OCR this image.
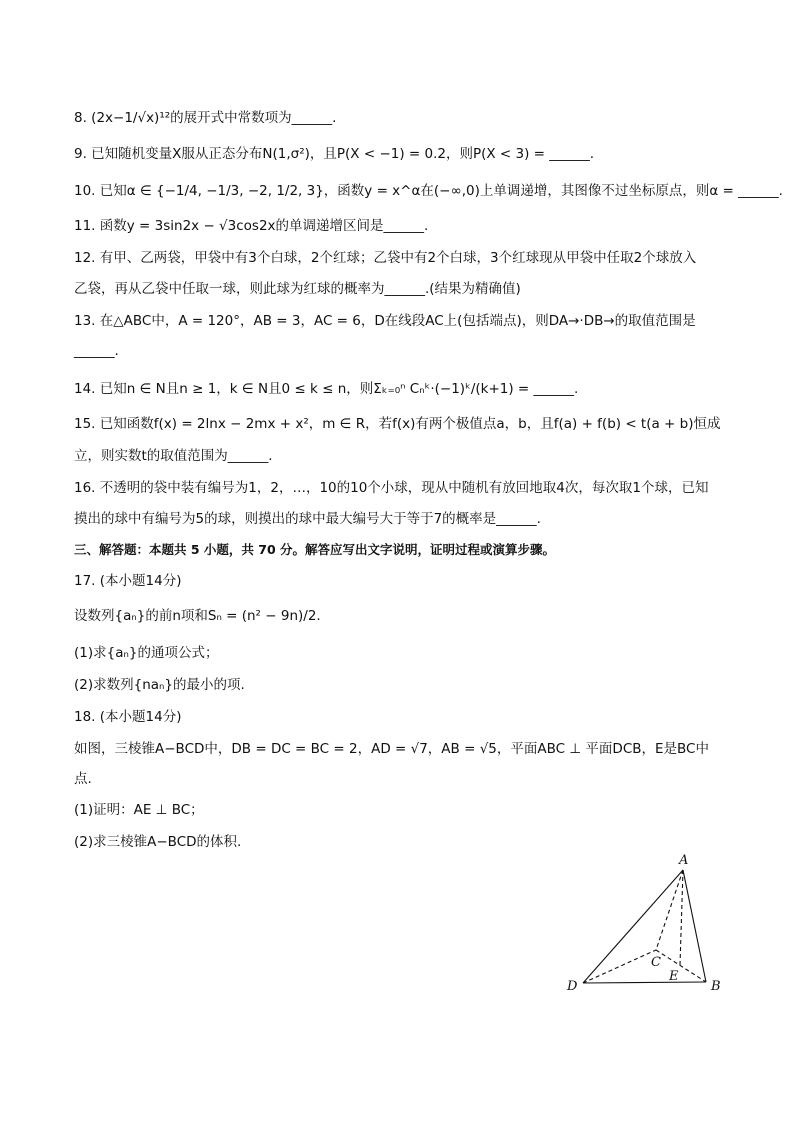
8. (2x−1/√x)¹²的展开式中常数项为______.
9. 已知随机变量X服从正态分布N(1,σ²)，且P(X < −1) = 0.2，则P(X < 3) = ______.
10. 已知α ∈ {−1/4, −1/3, −2, 1/2, 3}，函数y = x^α在(−∞,0)上单调递增，其图像不过坐标原点，则α = ______.
11. 函数y = 3sin2x − √3cos2x的单调递增区间是______.
12. 有甲、乙两袋，甲袋中有3个白球，2个红球；乙袋中有2个白球，3个红球现从甲袋中任取2个球放入
乙袋，再从乙袋中任取一球，则此球为红球的概率为______.(结果为精确值)
13. 在△ABC中，A = 120°，AB = 3，AC = 6，D在线段AC上(包括端点)，则DA→·DB→的取值范围是
______.
14. 已知n ∈ N且n ≥ 1，k ∈ N且0 ≤ k ≤ n，则Σₖ₌₀ⁿ Cₙᵏ·(−1)ᵏ/(k+1) = ______.
15. 已知函数f(x) = 2lnx − 2mx + x²，m ∈ R，若f(x)有两个极值点a，b，且f(a) + f(b) < t(a + b)恒成
立，则实数t的取值范围为______.
16. 不透明的袋中装有编号为1，2，…，10的10个小球，现从中随机有放回地取4次，每次取1个球，已知
摸出的球中有编号为5的球，则摸出的球中最大编号大于等于7的概率是______.
三、解答题：本题共 5 小题，共 70 分。解答应写出文字说明，证明过程或演算步骤。
17. (本小题14分)
设数列{aₙ}的前n项和Sₙ = (n² − 9n)/2.
(1)求{aₙ}的通项公式；
(2)求数列{naₙ}的最小的项.
18. (本小题14分)
如图，三棱锥A−BCD中，DB = DC = BC = 2，AD = √7，AB = √5，平面ABC ⊥ 平面DCB，E是BC中
点.
(1)证明：AE ⊥ BC；
(2)求三棱锥A−BCD的体积.
A
B
C
D
E
